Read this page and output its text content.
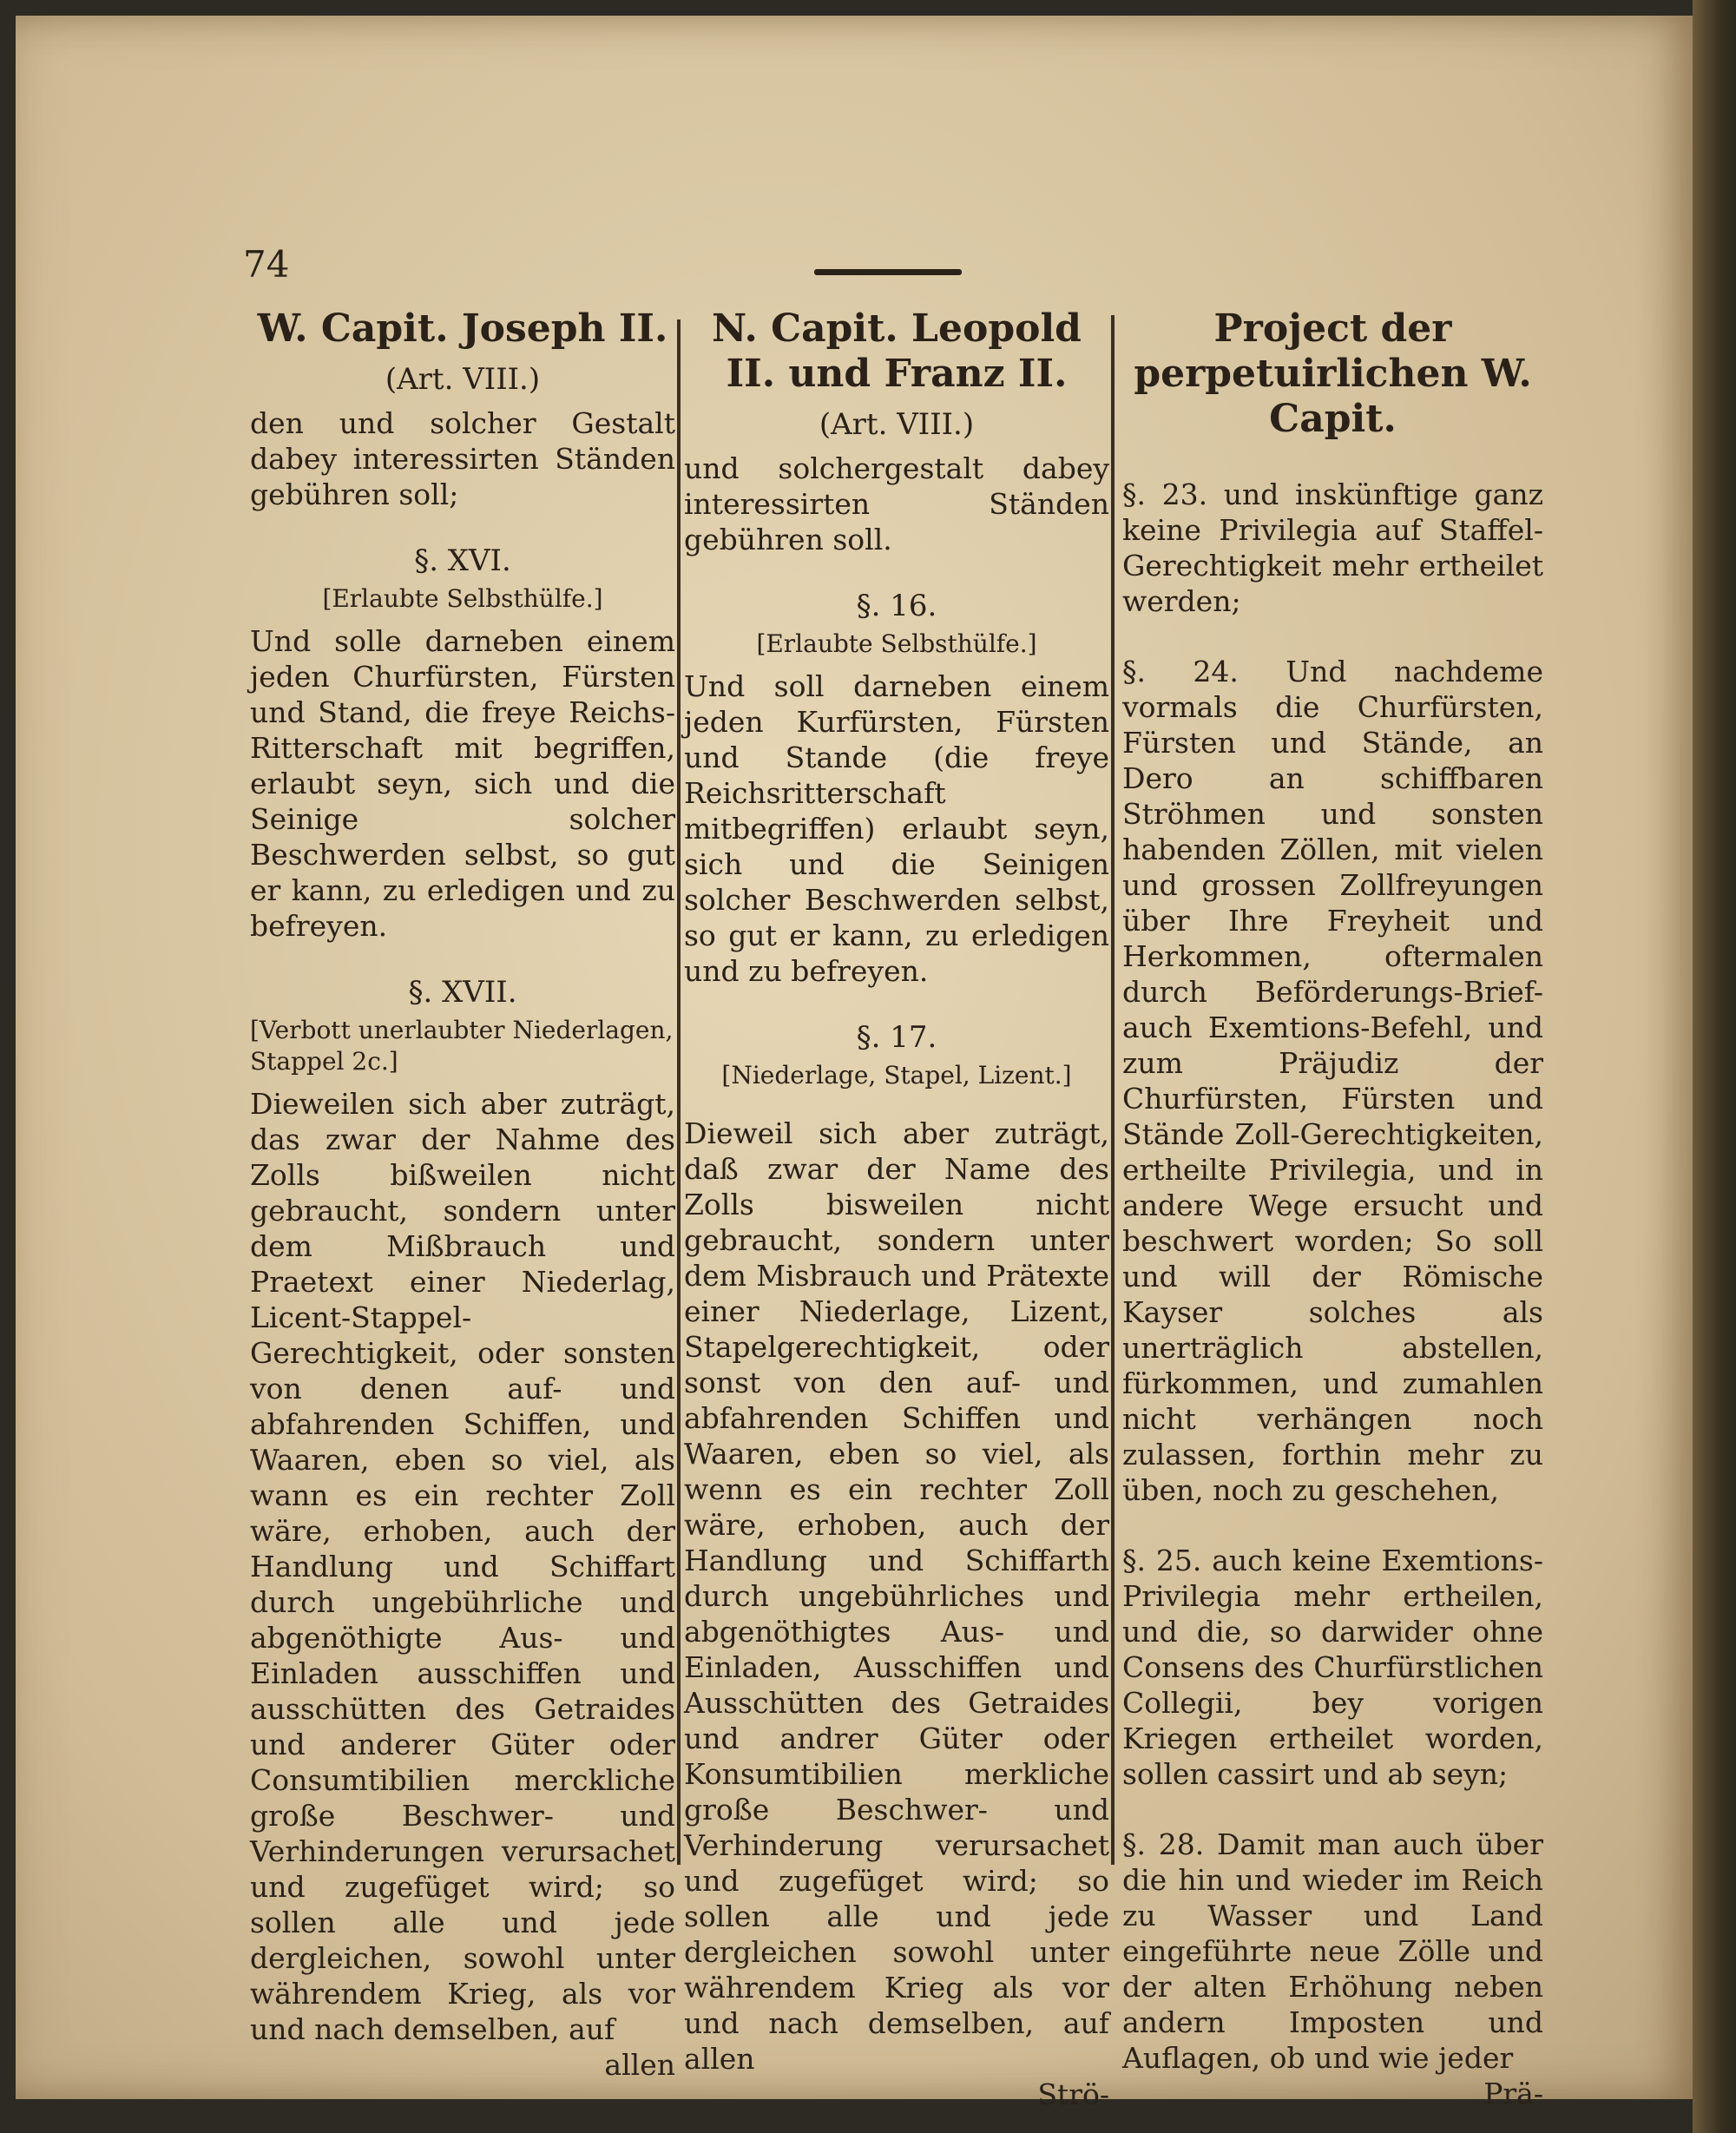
74
W. Capit. Joseph II.
(Art. VIII.)

den und solcher Gestalt dabey interessirten Ständen gebühren soll;

§. XVI.
[Erlaubte Selbsthülfe.]

Und solle darneben einem jeden Churfürsten, Fürsten und Stand, die freye Reichs-Ritterschaft mit begriffen, erlaubt seyn, sich und die Seinige solcher Beschwerden selbst, so gut er kann, zu erledigen und zu befreyen.

§. XVII.
[Verbott unerlaubter Niederlagen, Stappel 2c.]

Dieweilen sich aber zuträgt, das zwar der Nahme des Zolls bißweilen nicht gebraucht, sondern unter dem Mißbrauch und Praetext einer Niederlag, Licent-Stappel-Gerechtigkeit, oder sonsten von denen auf- und abfahrenden Schiffen, und Waaren, eben so viel, als wann es ein rechter Zoll wäre, erhoben, auch der Handlung und Schiffart durch ungebührliche und abgenöthigte Aus- und Einladen ausschiffen und ausschütten des Getraides und anderer Güter oder Consumtibilien merckliche große Beschwer- und Verhinderungen verursachet und zugefüget wird; so sollen alle und jede dergleichen, sowohl unter währendem Krieg, als vor und nach demselben, auf

allen

N. Capit. Leopold II. und Franz II.
(Art. VIII.)

und solchergestalt dabey interessirten Ständen gebühren soll.

§. 16.
[Erlaubte Selbsthülfe.]

Und soll darneben einem jeden Kurfürsten, Fürsten und Stande (die freye Reichsritterschaft mitbegriffen) erlaubt seyn, sich und die Seinigen solcher Beschwerden selbst, so gut er kann, zu erledigen und zu befreyen.

§. 17.
[Niederlage, Stapel, Lizent.]

Dieweil sich aber zuträgt, daß zwar der Name des Zolls bisweilen nicht gebraucht, sondern unter dem Misbrauch und Prätexte einer Niederlage, Lizent, Stapelgerechtigkeit, oder sonst von den auf- und abfahrenden Schiffen und Waaren, eben so viel, als wenn es ein rechter Zoll wäre, erhoben, auch der Handlung und Schiffarth durch ungebührliches und abgenöthigtes Aus- und Einladen, Ausschiffen und Ausschütten des Getraides und andrer Güter oder Konsumtibilien merkliche große Beschwer- und Verhinderung verursachet und zugefüget wird; so sollen alle und jede dergleichen sowohl unter währendem Krieg als vor und nach demselben, auf allen

Strö-

Project der perpetuirlichen W. Capit.

§. 23. und inskünftige ganz keine Privilegia auf Staffel-Gerechtigkeit mehr ertheilet werden;

§. 24. Und nachdeme vormals die Churfürsten, Fürsten und Stände, an Dero an schiffbaren Ströhmen und sonsten habenden Zöllen, mit vielen und grossen Zollfreyungen über Ihre Freyheit und Herkommen, oftermalen durch Beförderungs-Brief- auch Exemtions-Befehl, und zum Präjudiz der Churfürsten, Fürsten und Stände Zoll-Gerechtigkeiten, ertheilte Privilegia, und in andere Wege ersucht und beschwert worden; So soll und will der Römische Kayser solches als unerträglich abstellen, fürkommen, und zumahlen nicht verhängen noch zulassen, forthin mehr zu üben, noch zu geschehen,

§. 25. auch keine Exemtions-Privilegia mehr ertheilen, und die, so darwider ohne Consens des Churfürstlichen Collegii, bey vorigen Kriegen ertheilet worden, sollen cassirt und ab seyn;

§. 28. Damit man auch über die hin und wieder im Reich zu Wasser und Land eingeführte neue Zölle und der alten Erhöhung neben andern Imposten und Auflagen, ob und wie jeder

Prä-
